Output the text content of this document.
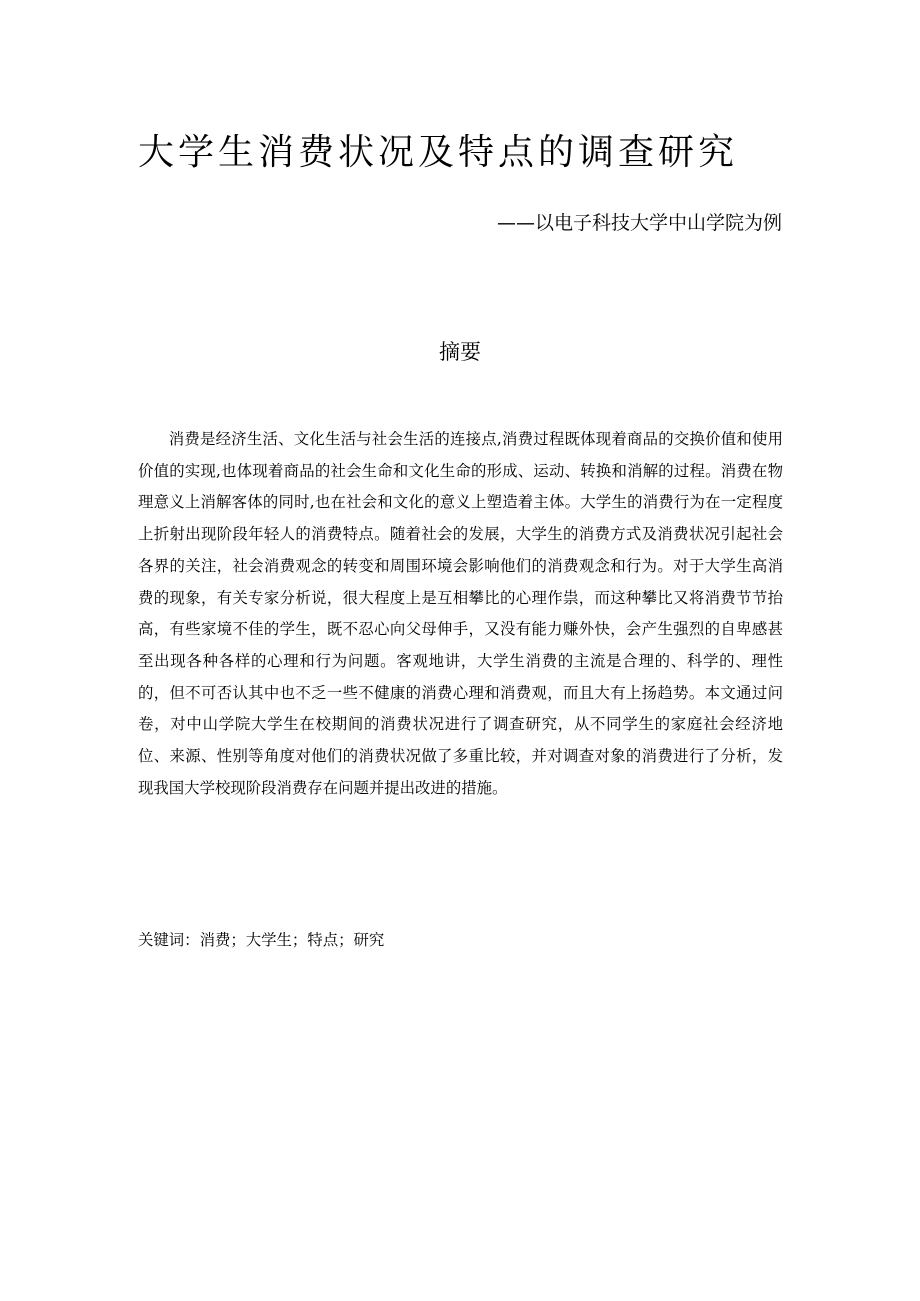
大学生消费状况及特点的调查研究
——以电子科技大学中山学院为例
摘要

消费是经济生活、文化生活与社会生活的连接点,消费过程既体现着商品的交换价值和使用价值的实现,也体现着商品的社会生命和文化生命的形成、运动、转换和消解的过程。消费在物理意义上消解客体的同时,也在社会和文化的意义上塑造着主体。大学生的消费行为在一定程度上折射出现阶段年轻人的消费特点。随着社会的发展，大学生的消费方式及消费状况引起社会各界的关注，社会消费观念的转变和周围环境会影响他们的消费观念和行为。对于大学生高消费的现象，有关专家分析说，很大程度上是互相攀比的心理作祟，而这种攀比又将消费节节抬高，有些家境不佳的学生，既不忍心向父母伸手，又没有能力赚外快，会产生强烈的自卑感甚至出现各种各样的心理和行为问题。客观地讲，大学生消费的主流是合理的、科学的、理性的，但不可否认其中也不乏一些不健康的消费心理和消费观，而且大有上扬趋势。本文通过问卷，对中山学院大学生在校期间的消费状况进行了调查研究，从不同学生的家庭社会经济地位、来源、性别等角度对他们的消费状况做了多重比较，并对调查对象的消费进行了分析，发现我国大学校现阶段消费存在问题并提出改进的措施。

关键词：消费；大学生；特点；研究
